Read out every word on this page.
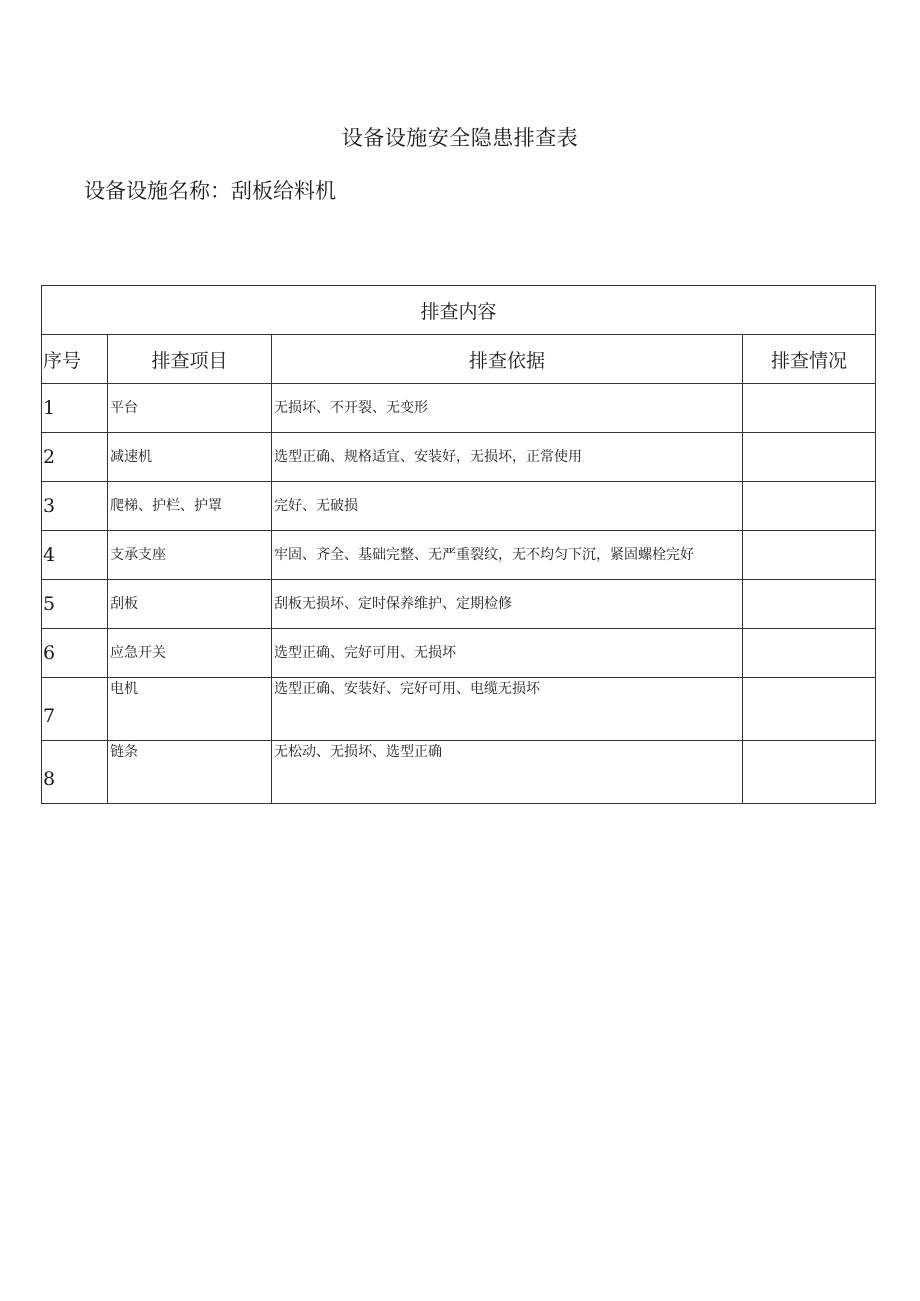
设备设施安全隐患排查表
设备设施名称：刮板给料机
排查内容			
序号	排查项目	排查依据	排查情况
1	平台	无损坏、不开裂、无变形	
2	减速机	选型正确、规格适宜、安装好，无损坏，正常使用	
3	爬梯、护栏、护罩	完好、无破损	
4	支承支座	牢固、齐全、基础完整、无严重裂纹，无不均匀下沉，紧固螺栓完好	
5	刮板	刮板无损坏、定时保养维护、定期检修	
6	应急开关	选型正确、完好可用、无损坏	
7	电机	选型正确、安装好、完好可用、电缆无损坏	
8	链条	无松动、无损坏、选型正确	
